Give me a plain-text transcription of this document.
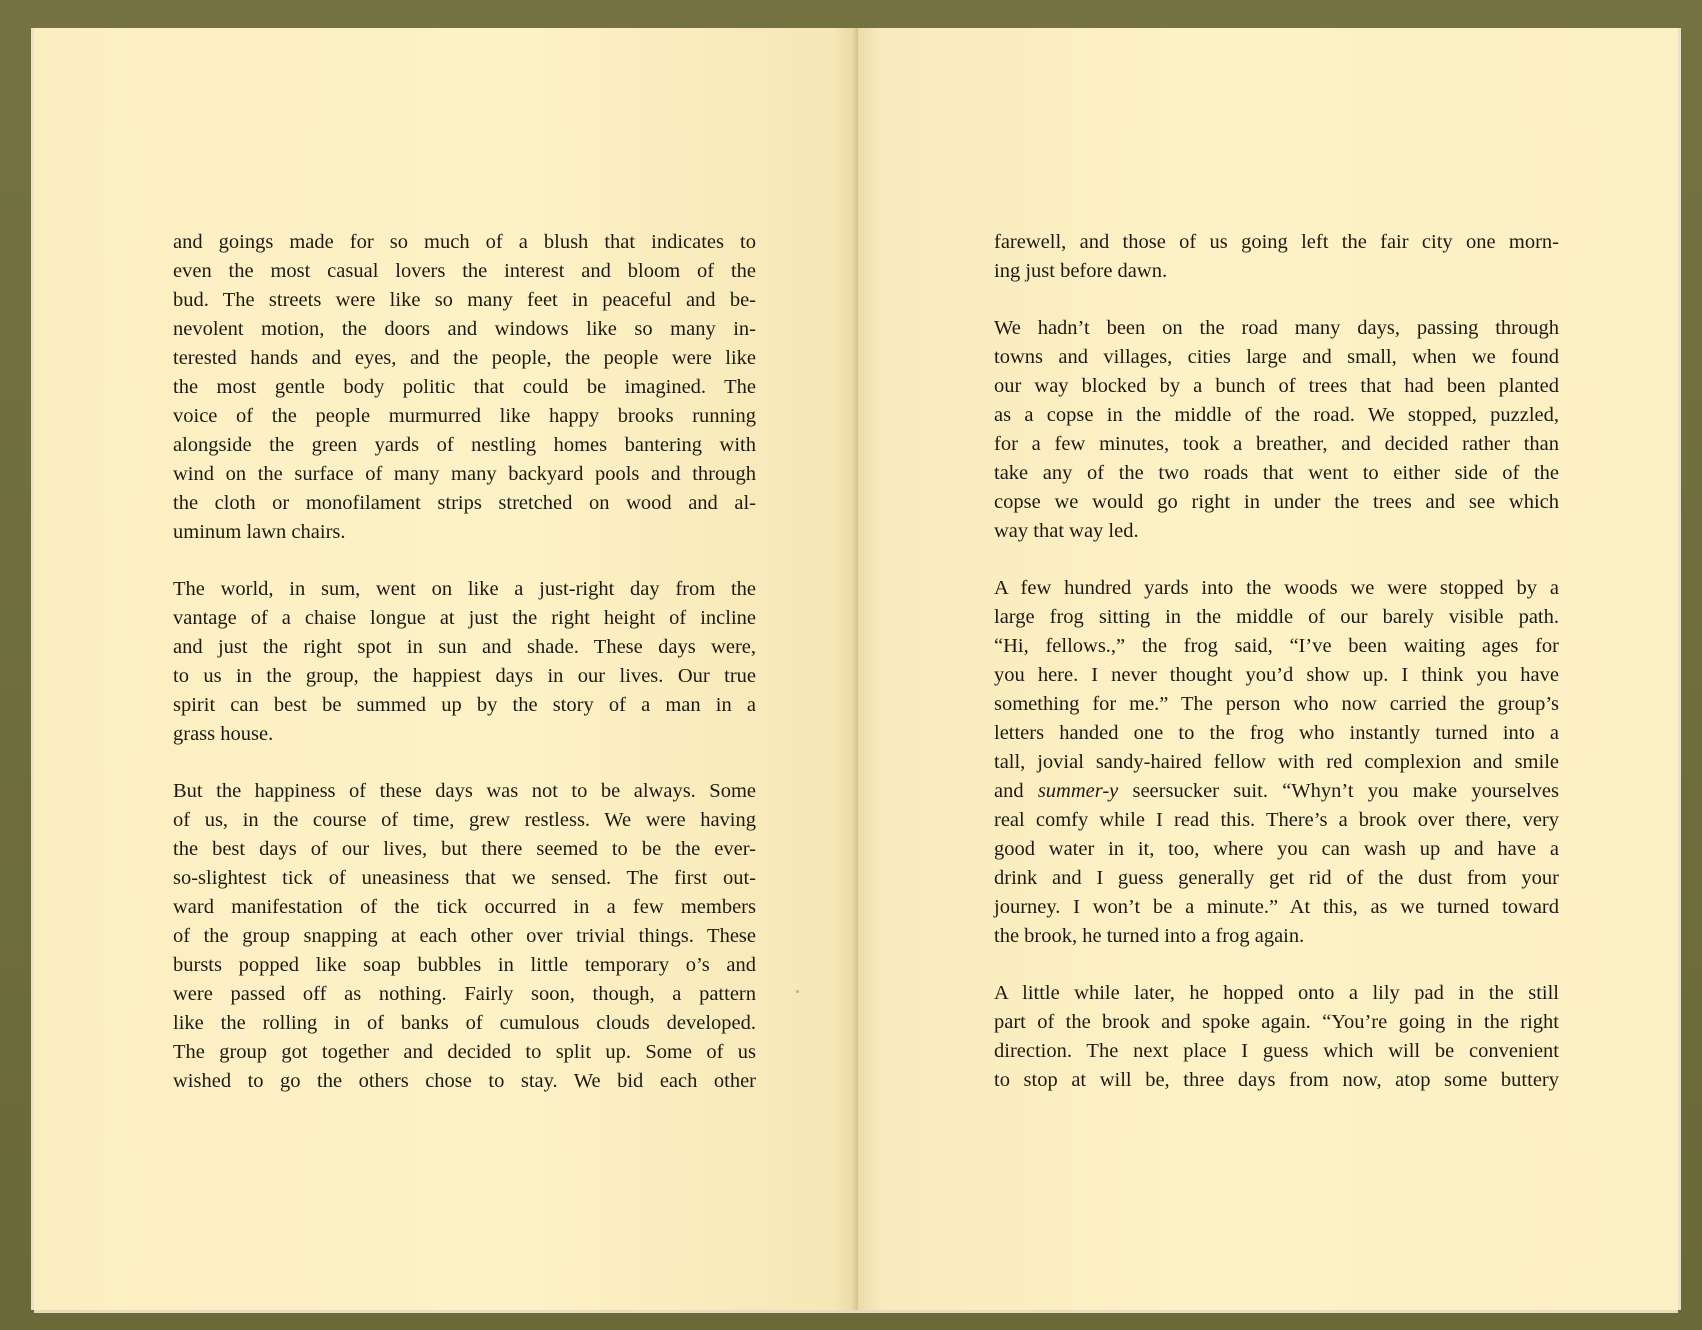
and goings made for so much of a blush that indicates to
even the most casual lovers the interest and bloom of the
bud. The streets were like so many feet in peaceful and be-
nevolent motion, the doors and windows like so many in-
terested hands and eyes, and the people, the people were like
the most gentle body politic that could be imagined. The
voice of the people murmurred like happy brooks running
alongside the green yards of nestling homes bantering with
wind on the surface of many many backyard pools and through
the cloth or monofilament strips stretched on wood and al-
uminum lawn chairs.

The world, in sum, went on like a just-right day from the
vantage of a chaise longue at just the right height of incline
and just the right spot in sun and shade. These days were,
to us in the group, the happiest days in our lives. Our true
spirit can best be summed up by the story of a man in a
grass house.

But the happiness of these days was not to be always. Some
of us, in the course of time, grew restless. We were having
the best days of our lives, but there seemed to be the ever-
so-slightest tick of uneasiness that we sensed. The first out-
ward manifestation of the tick occurred in a few members
of the group snapping at each other over trivial things. These
bursts popped like soap bubbles in little temporary o’s and
were passed off as nothing. Fairly soon, though, a pattern
like the rolling in of banks of cumulous clouds developed.
The group got together and decided to split up. Some of us
wished to go the others chose to stay. We bid each other

farewell, and those of us going left the fair city one morn-
ing just before dawn.

We hadn’t been on the road many days, passing through
towns and villages, cities large and small, when we found
our way blocked by a bunch of trees that had been planted
as a copse in the middle of the road. We stopped, puzzled,
for a few minutes, took a breather, and decided rather than
take any of the two roads that went to either side of the
copse we would go right in under the trees and see which
way that way led.

A few hundred yards into the woods we were stopped by a
large frog sitting in the middle of our barely visible path.
“Hi, fellows.,” the frog said, “I’ve been waiting ages for
you here. I never thought you’d show up. I think you have
something for me.” The person who now carried the group’s
letters handed one to the frog who instantly turned into a
tall, jovial sandy-haired fellow with red complexion and smile
and summer-y seersucker suit. “Whyn’t you make yourselves
real comfy while I read this. There’s a brook over there, very
good water in it, too, where you can wash up and have a
drink and I guess generally get rid of the dust from your
journey. I won’t be a minute.” At this, as we turned toward
the brook, he turned into a frog again.

A little while later, he hopped onto a lily pad in the still
part of the brook and spoke again. “You’re going in the right
direction. The next place I guess which will be convenient
to stop at will be, three days from now, atop some buttery
